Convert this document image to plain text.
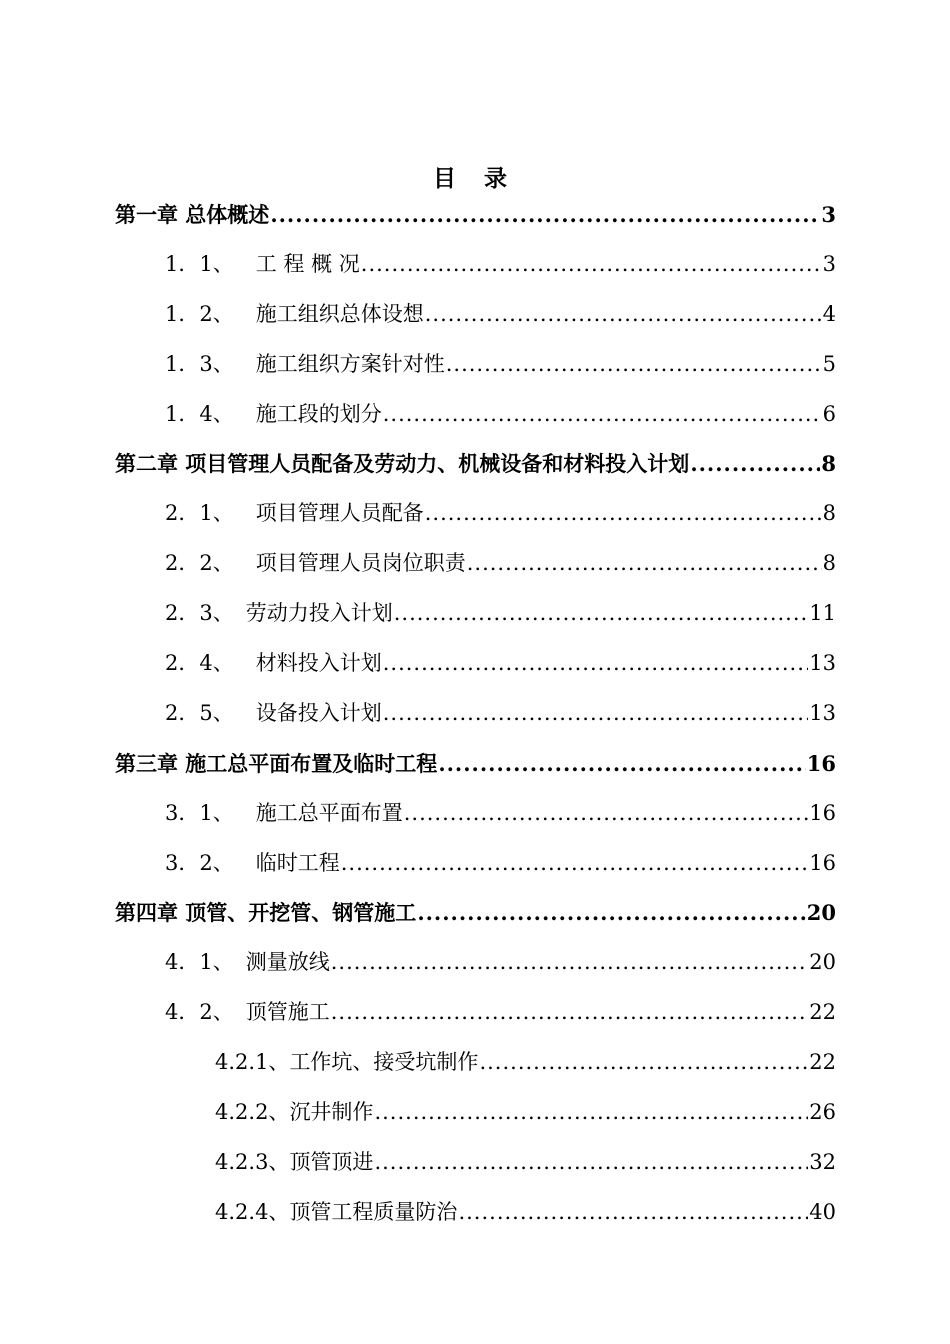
目 录
第一章 总体概述 .....	3
1．1、 工 程 概 况 .....	3
1．2、 施工组织总体设想 .....	4
1．3、 施工组织方案针对性 .....	5
1．4、 施工段的划分 .....	6
第二章 项目管理人员配备及劳动力、机械设备和材料投入计划 .....	8
2．1、 项目管理人员配备 .....	8
2．2、 项目管理人员岗位职责 .....	8
2．3、 劳动力投入计划 .....	11
2．4、 材料投入计划 .....	13
2．5、 设备投入计划 .....	13
第三章 施工总平面布置及临时工程 .....	16
3．1、 施工总平面布置 .....	16
3．2、 临时工程 .....	16
第四章 顶管、开挖管、钢管施工 .....	20
4．1、 测量放线 .....	20
4．2、 顶管施工 .....	22
4.2.1、 工作坑、接受坑制作 .....	22
4.2.2、 沉井制作 .....	26
4.2.3、 顶管顶进 .....	32
4.2.4、 顶管工程质量防治 .....	40
